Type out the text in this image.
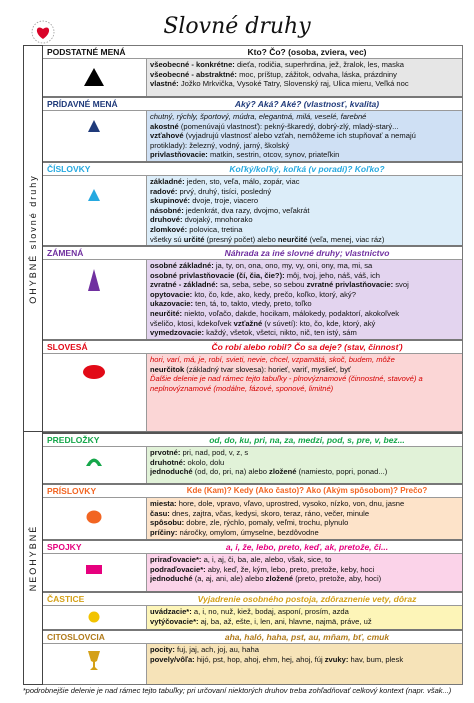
Slovné druhy
OHYBNÉ slovné druhy
NEOHYBNÉ
PODSTATNÉ MENÁ	Kto? Čo? (osoba, zviera, vec)
všeobecné - konkrétne: dieťa, rodičia, superhrdina, jež, žralok, les, maska
všeobecné - abstraktné: moc, príštup, zážitok, odvaha, láska, prázdniny
vlastné: Jožko Mrkvička, Vysoké Tatry, Slovenský raj, Ulica mieru, Veľká noc
PRÍDAVNÉ MENÁ	Aký? Aká? Aké? (vlastnosť, kvalita)
chutný, rýchly, športový, múdra, elegantná, milá, veselé, farebné
akostné (pomenúvajú vlastnosť): pekný-škaredý, dobrý-zlý, mladý-starý...
vzťahové (vyjadrujú vlastnosť alebo vzťah, nemôžeme ich stupňovať a nemajú
protiklady): železný, vodný, jarný, školský
privlastňovacie: matkin, sestrin, otcov, synov, priateľkin
ČÍSLOVKY	Koľký/koľký, koľká (v poradí)? Koľko?
základné: jeden, sto, veľa, málo, zopár, viac
radové: prvý, druhý, tisíci, posledný
skupinové: dvoje, troje, viacero
násobné: jedenkrát, dva razy, dvojmo, veľakrát
druhové: dvojaký, mnohorako
zlomkové: polovica, tretina
všetky sú určité (presný počet) alebo neurčité (veľa, menej, viac ráz)
ZÁMENÁ	Náhrada za iné slovné druhy; vlastnictvo
osobné základné: ja, ty, on, ona, ono, my, vy, oni, ony, ma, mi, sa
osobné privlastňovacie (čí, čia, čie?): môj, tvoj, jeho, náš, váš, ich
zvratné - základné: sa, seba, sebe, so sebou zvratné privlastňovacie: svoj
opytovacie: kto, čo, kde, ako, kedy, prečo, koľko, ktorý, aký?
ukazovacie: ten, tá, to, takto, vtedy, preto, toľko
neurčité: niekto, voľačo, dakde, hocikam, málokedy, podaktorí, akokoľvek
všeličo, ktosi, kdekoľvek vzťažné (v súvetí): kto, čo, kde, ktorý, aký
vymedzovacie: každý, všetok, všetci, nikto, nič, ten istý, sám
SLOVESÁ	Čo robí alebo robil? Čo sa deje? (stav, činnosť)
hori, varí, má, je, robí, svieti, nevie, chcel, vzpamätá, skoč, budem, môže
neurčitok (základný tvar slovesa): horieť, variť, myslieť, byť
Ďalšie delenie je nad rámec tejto tabuľky - plnovýznamové (činnostné, stavové) a
neplnovýznamové (modálne, fázové, sponové, limitné)
PREDLOŽKY	od, do, ku, pri, na, za, medzi, pod, s, pre, v, bez...
prvotné: pri, nad, pod, v, z, s
druhotné: okolo, dolu
jednoduché (od, do, pri, na) alebo zložené (namiesto, popri, ponad...)
PRÍSLOVKY	Kde (Kam)? Kedy (Ako často)? Ako (Akým spôsobom)? Prečo?
miesta: hore, dole, vpravo, vľavo, uprostred, vysoko, nízko, von, dnu, jasne
času: dnes, zajtra, včas, kedysi, skoro, teraz, ráno, večer, minule
spôsobu: dobre, zle, rýchlo, pomaly, veľmi, trochu, plynulo
príčiny: náročky, omylom, úmyselne, bezdôvodne
SPOJKY	a, i, že, lebo, preto, keď, ak, pretože, či...
priraďovacie*: a, i, aj, či, ba, ale, alebo, však, sice, to
podraďovacie*: aby, keď, že, kým, lebo, preto, pretože, keby, hoci
jednoduché (a, aj, ani, ale) alebo zložené (preto, pretože, aby, hoci)
ČASTICE	Vyjadrenie osobného postoja, zdôraznenie vety, dôraz
uvádzacie*: a, i, no, nuž, kiež, bodaj, asponí, prosím, azda
vytýčovacie*: aj, ba, až, ešte, i, len, ani, hlavne, najmä, práve, už
CITOSLOVCIA	aha, haló, haha, pst, au, mňam, bť, cmuk
pocity: fuj, jaj, ach, joj, au, haha
povely/vôľa: hijó, pst, hop, ahoj, ehm, hej, ahoj, fúj zvuky: hav, bum, plesk
*podrobnejšie delenie je nad rámec tejto tabuľky; pri určovaní niektorých druhov treba zohľadňovať celkový kontext (napr. však...)
